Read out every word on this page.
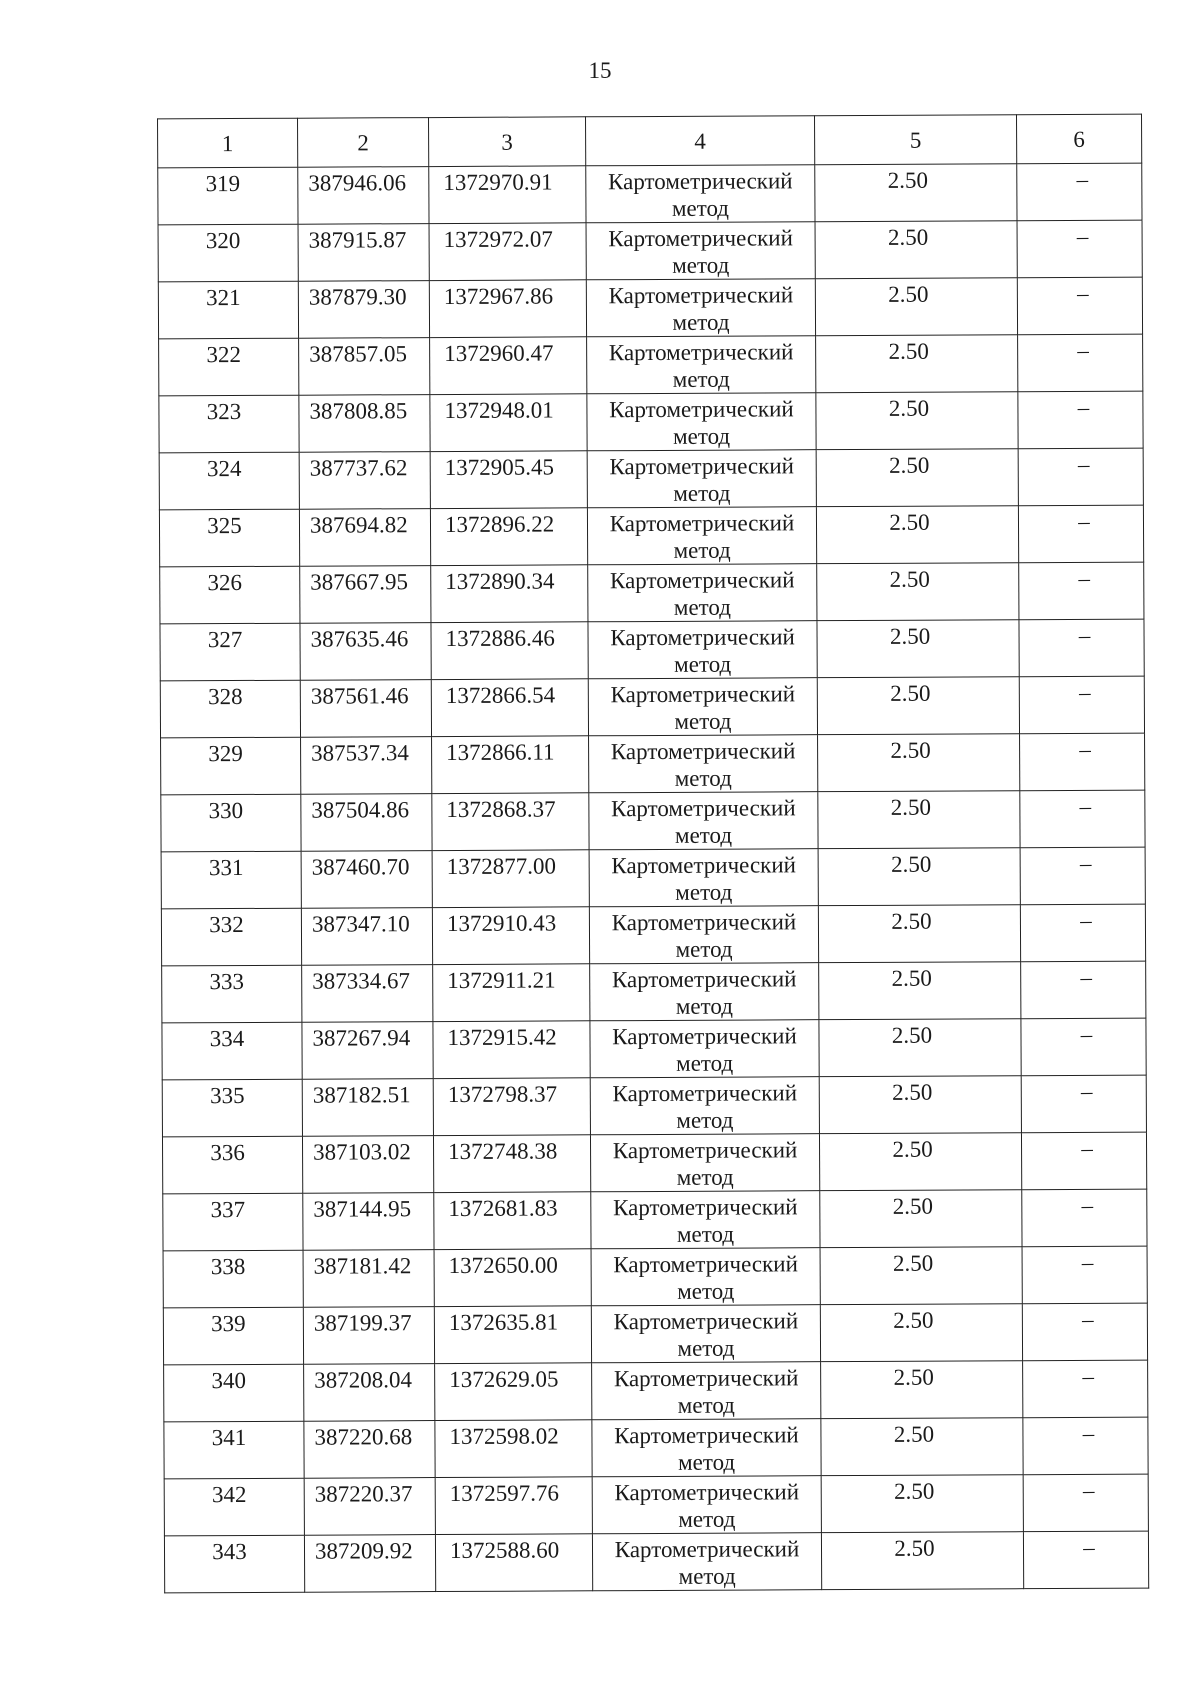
15
1	2	3	4	5	6
319	387946.06	1372970.91	Картометрический метод	2.50	–
320	387915.87	1372972.07	Картометрический метод	2.50	–
321	387879.30	1372967.86	Картометрический метод	2.50	–
322	387857.05	1372960.47	Картометрический метод	2.50	–
323	387808.85	1372948.01	Картометрический метод	2.50	–
324	387737.62	1372905.45	Картометрический метод	2.50	–
325	387694.82	1372896.22	Картометрический метод	2.50	–
326	387667.95	1372890.34	Картометрический метод	2.50	–
327	387635.46	1372886.46	Картометрический метод	2.50	–
328	387561.46	1372866.54	Картометрический метод	2.50	–
329	387537.34	1372866.11	Картометрический метод	2.50	–
330	387504.86	1372868.37	Картометрический метод	2.50	–
331	387460.70	1372877.00	Картометрический метод	2.50	–
332	387347.10	1372910.43	Картометрический метод	2.50	–
333	387334.67	1372911.21	Картометрический метод	2.50	–
334	387267.94	1372915.42	Картометрический метод	2.50	–
335	387182.51	1372798.37	Картометрический метод	2.50	–
336	387103.02	1372748.38	Картометрический метод	2.50	–
337	387144.95	1372681.83	Картометрический метод	2.50	–
338	387181.42	1372650.00	Картометрический метод	2.50	–
339	387199.37	1372635.81	Картометрический метод	2.50	–
340	387208.04	1372629.05	Картометрический метод	2.50	–
341	387220.68	1372598.02	Картометрический метод	2.50	–
342	387220.37	1372597.76	Картометрический метод	2.50	–
343	387209.92	1372588.60	Картометрический метод	2.50	–
